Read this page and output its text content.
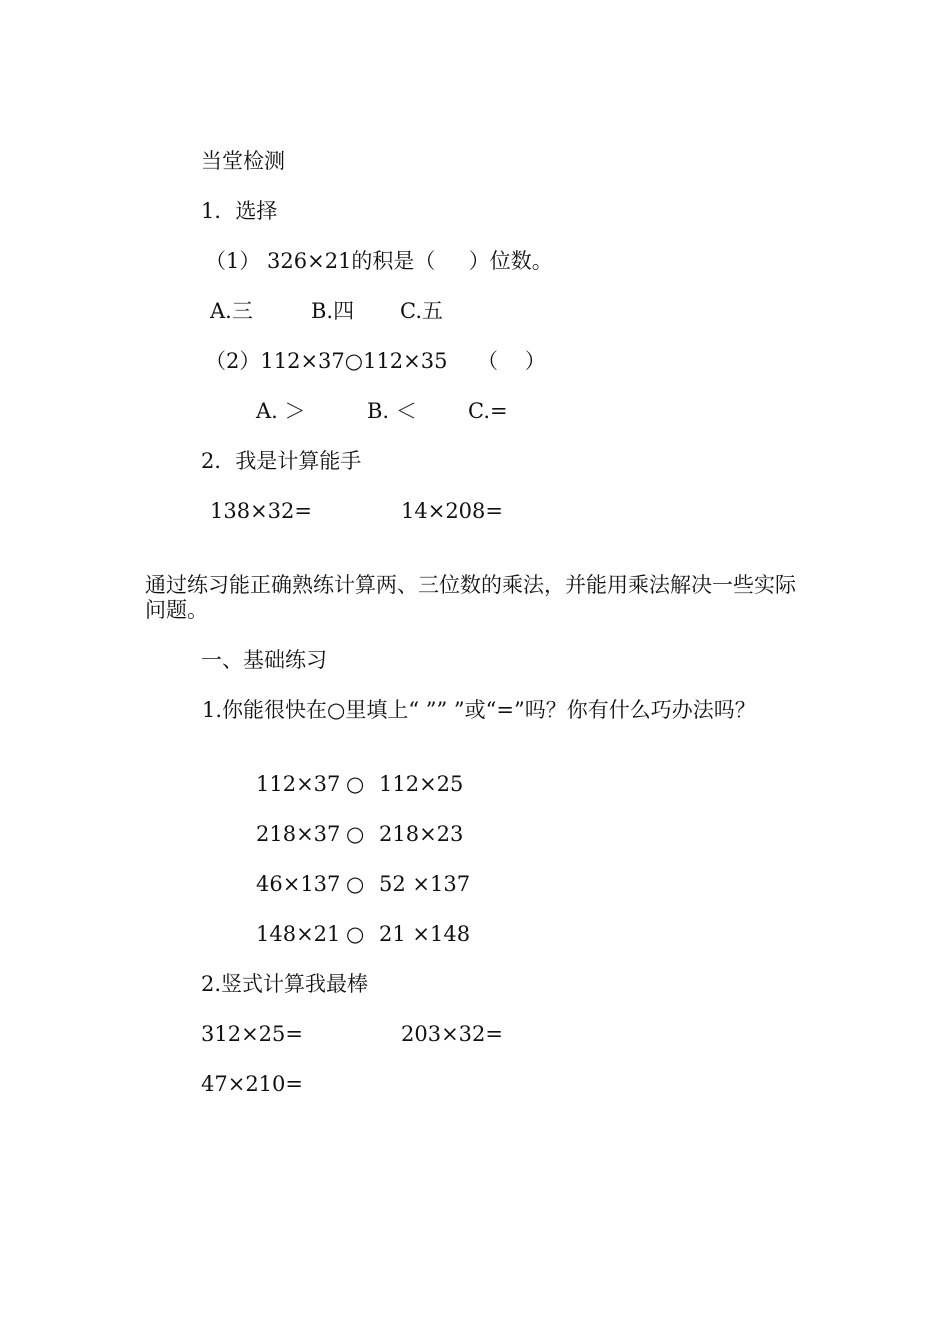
当堂检测
1．选择
（1） 326×21的积是（     ）位数。
A.三	B.四 C.五
（2）112×37○112×35 （    ）
A. ＞	B. ＜ C.=
2．我是计算能手
138×32=	14×208=
通过练习能正确熟练计算两、三位数的乘法，并能用乘法解决一些实际问题。
一、基础练习
1.你能很快在○里填上“ ”” ”或“=”吗？你有什么巧办法吗？
112×37 ○ 112×25
218×37 ○ 218×23
46×137 ○ 52 ×137
148×21 ○ 21 ×148
2.竖式计算我最棒
312×25=	203×32=
47×210=
